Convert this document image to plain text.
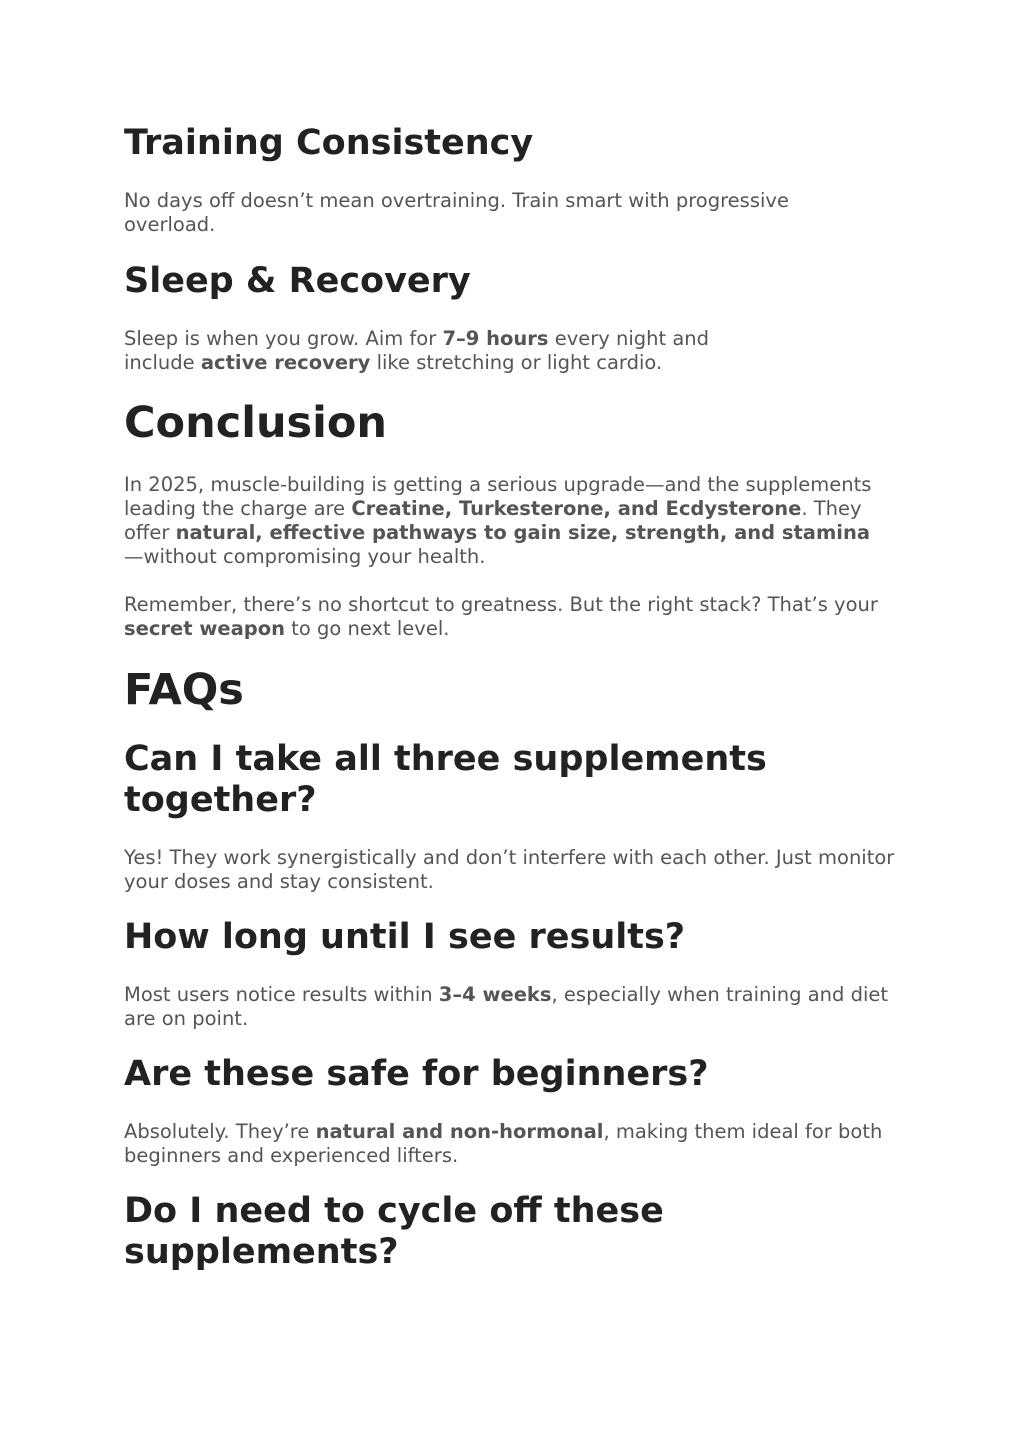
Training Consistency

No days off doesn’t mean overtraining. Train smart with progressive overload.

Sleep & Recovery

Sleep is when you grow. Aim for 7–9 hours every night and include active recovery like stretching or light cardio.

Conclusion

In 2025, muscle-building is getting a serious upgrade—and the supplements leading the charge are Creatine, Turkesterone, and Ecdysterone. They offer natural, effective pathways to gain size, strength, and stamina—without compromising your health.

Remember, there’s no shortcut to greatness. But the right stack? That’s your secret weapon to go next level.

FAQs
Can I take all three supplements together?

Yes! They work synergistically and don’t interfere with each other. Just monitor your doses and stay consistent.

How long until I see results?

Most users notice results within 3–4 weeks, especially when training and diet are on point.

Are these safe for beginners?

Absolutely. They’re natural and non-hormonal, making them ideal for both beginners and experienced lifters.

Do I need to cycle off these supplements?
